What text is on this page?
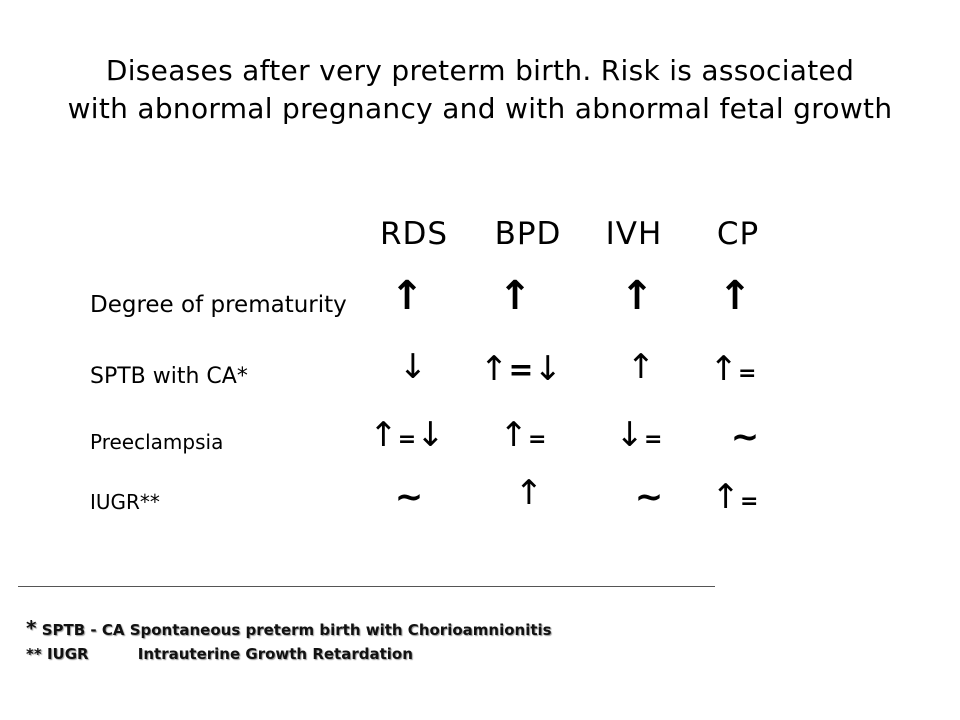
Diseases after very preterm birth. Risk is associated
with abnormal pregnancy and with abnormal fetal growth
RDS	BPD	IVH	CP
Degree of prematurity	↑	↑	↑	↑
SPTB with CA*	↓	↑=↓	↑	↑=
Preeclampsia	↑=↓	↑=	↓=	~
IUGR**	~	↑	~	↑=
* SPTB - CA Spontaneous preterm birth with Chorioamnionitis
** IUGR	Intrauterine Growth Retardation
